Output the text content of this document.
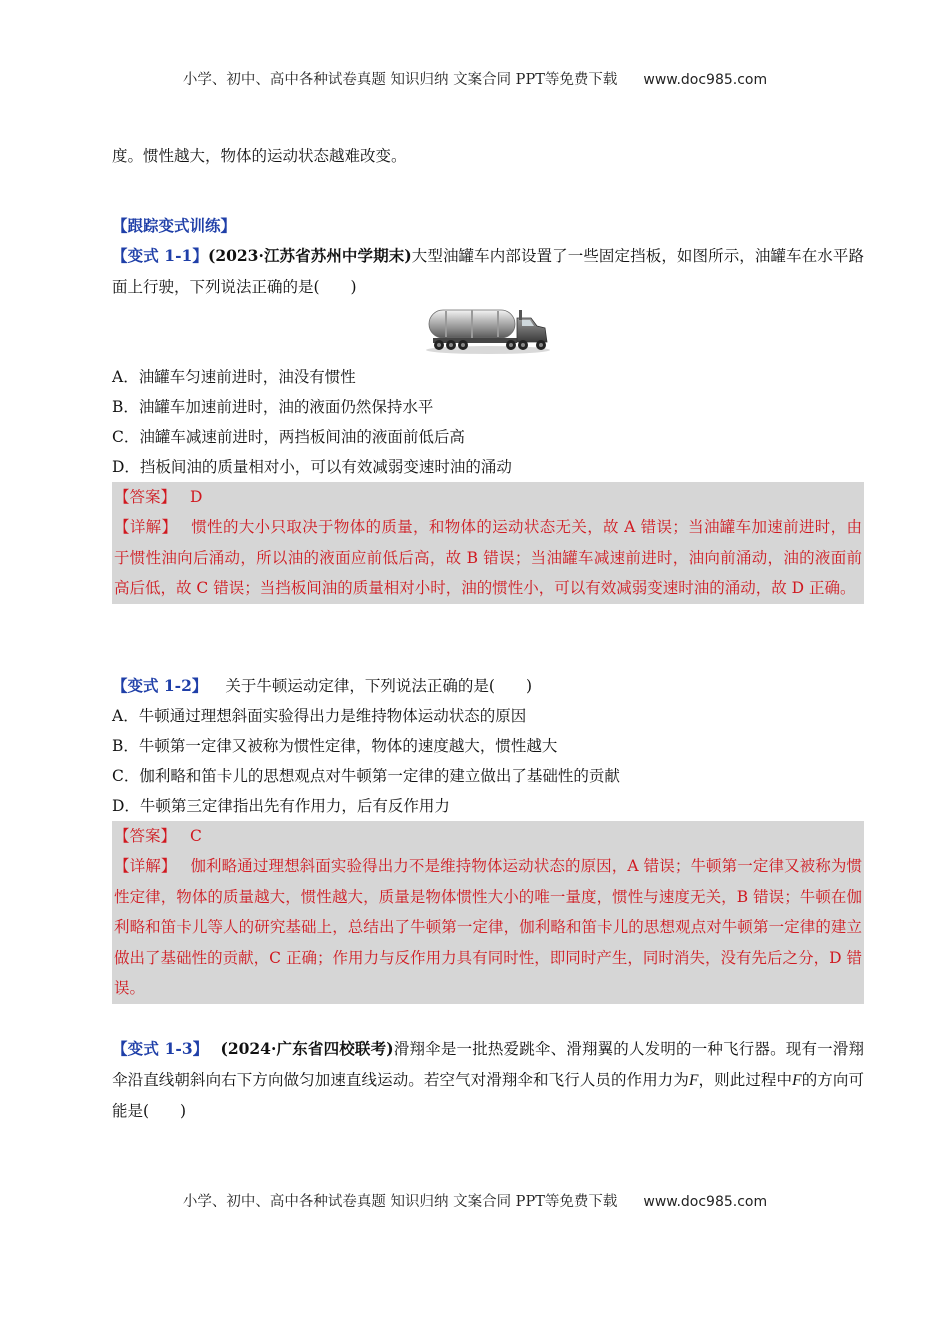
小学、初中、高中各种试卷真题 知识归纳 文案合同 PPT等免费下载 www.doc985.com
度。惯性越大，物体的运动状态越难改变。
【跟踪变式训练】
【变式 1-1】(2023·江苏省苏州中学期末)大型油罐车内部设置了一些固定挡板，如图所示，油罐车在水平路面上行驶，下列说法正确的是(　　)
A．油罐车匀速前进时，油没有惯性
B．油罐车加速前进时，油的液面仍然保持水平
C．油罐车减速前进时，两挡板间油的液面前低后高
D．挡板间油的质量相对小，可以有效减弱变速时油的涌动
【答案】 D
【详解】 惯性的大小只取决于物体的质量，和物体的运动状态无关，故 A 错误；当油罐车加速前进时，由于惯性油向后涌动，所以油的液面应前低后高，故 B 错误；当油罐车减速前进时，油向前涌动，油的液面前高后低，故 C 错误；当挡板间油的质量相对小时，油的惯性小，可以有效减弱变速时油的涌动，故 D 正确。
【变式 1-2】 关于牛顿运动定律，下列说法正确的是(　　)
A．牛顿通过理想斜面实验得出力是维持物体运动状态的原因
B．牛顿第一定律又被称为惯性定律，物体的速度越大，惯性越大
C．伽利略和笛卡儿的思想观点对牛顿第一定律的建立做出了基础性的贡献
D．牛顿第三定律指出先有作用力，后有反作用力
【答案】 C
【详解】 伽利略通过理想斜面实验得出力不是维持物体运动状态的原因，A 错误；牛顿第一定律又被称为惯性定律，物体的质量越大，惯性越大，质量是物体惯性大小的唯一量度，惯性与速度无关，B 错误；牛顿在伽利略和笛卡儿等人的研究基础上，总结出了牛顿第一定律，伽利略和笛卡儿的思想观点对牛顿第一定律的建立做出了基础性的贡献，C 正确；作用力与反作用力具有同时性，即同时产生，同时消失，没有先后之分，D 错误。
【变式 1-3】 (2024·广东省四校联考)滑翔伞是一批热爱跳伞、滑翔翼的人发明的一种飞行器。现有一滑翔伞沿直线朝斜向右下方向做匀加速直线运动。若空气对滑翔伞和飞行人员的作用力为F，则此过程中F的方向可能是(　　)
小学、初中、高中各种试卷真题 知识归纳 文案合同 PPT等免费下载 www.doc985.com
